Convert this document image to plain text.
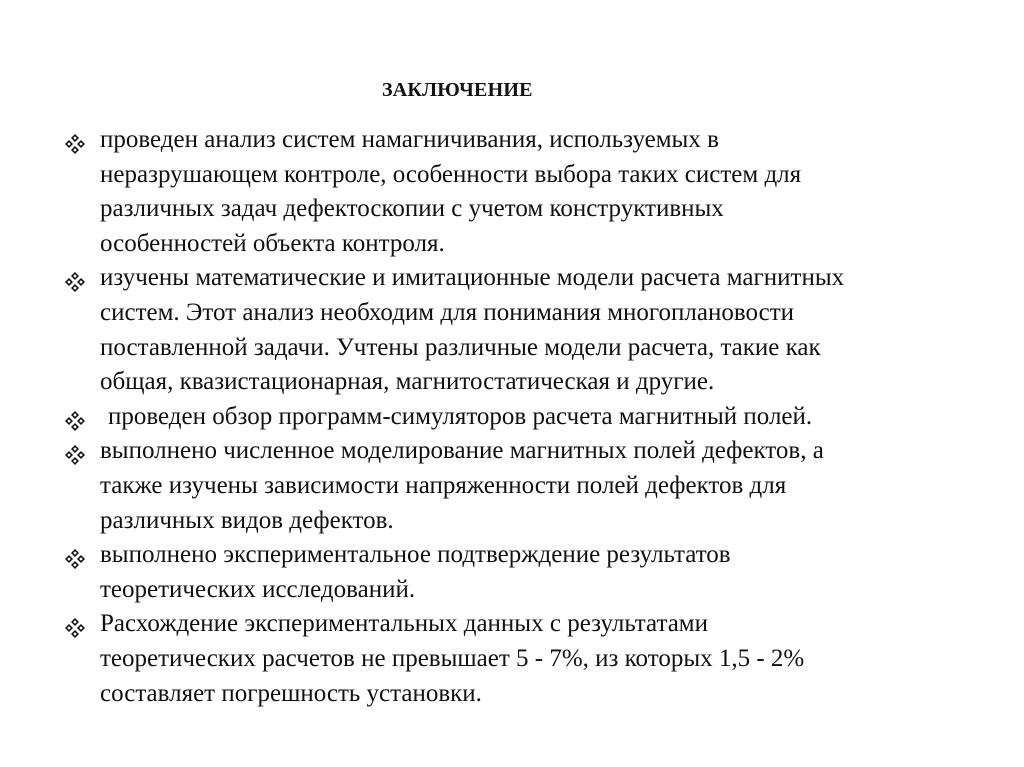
ЗАКЛЮЧЕНИЕ
проведен анализ систем намагничивания, используемых в
неразрушающем контроле, особенности выбора таких систем для
различных задач дефектоскопии с учетом конструктивных
особенностей объекта контроля.
изучены математические и имитационные модели расчета магнитных
систем. Этот анализ необходим для понимания многоплановости
поставленной задачи. Учтены различные модели расчета, такие как
общая, квазистационарная, магнитостатическая и другие.
проведен обзор программ-симуляторов расчета магнитный полей.
выполнено численное моделирование магнитных полей дефектов, а
также изучены зависимости напряженности полей дефектов для
различных видов дефектов.
выполнено экспериментальное подтверждение результатов
теоретических исследований.
Расхождение экспериментальных данных с результатами
теоретических расчетов не превышает 5 - 7%, из которых 1,5 - 2%
составляет погрешность установки.
